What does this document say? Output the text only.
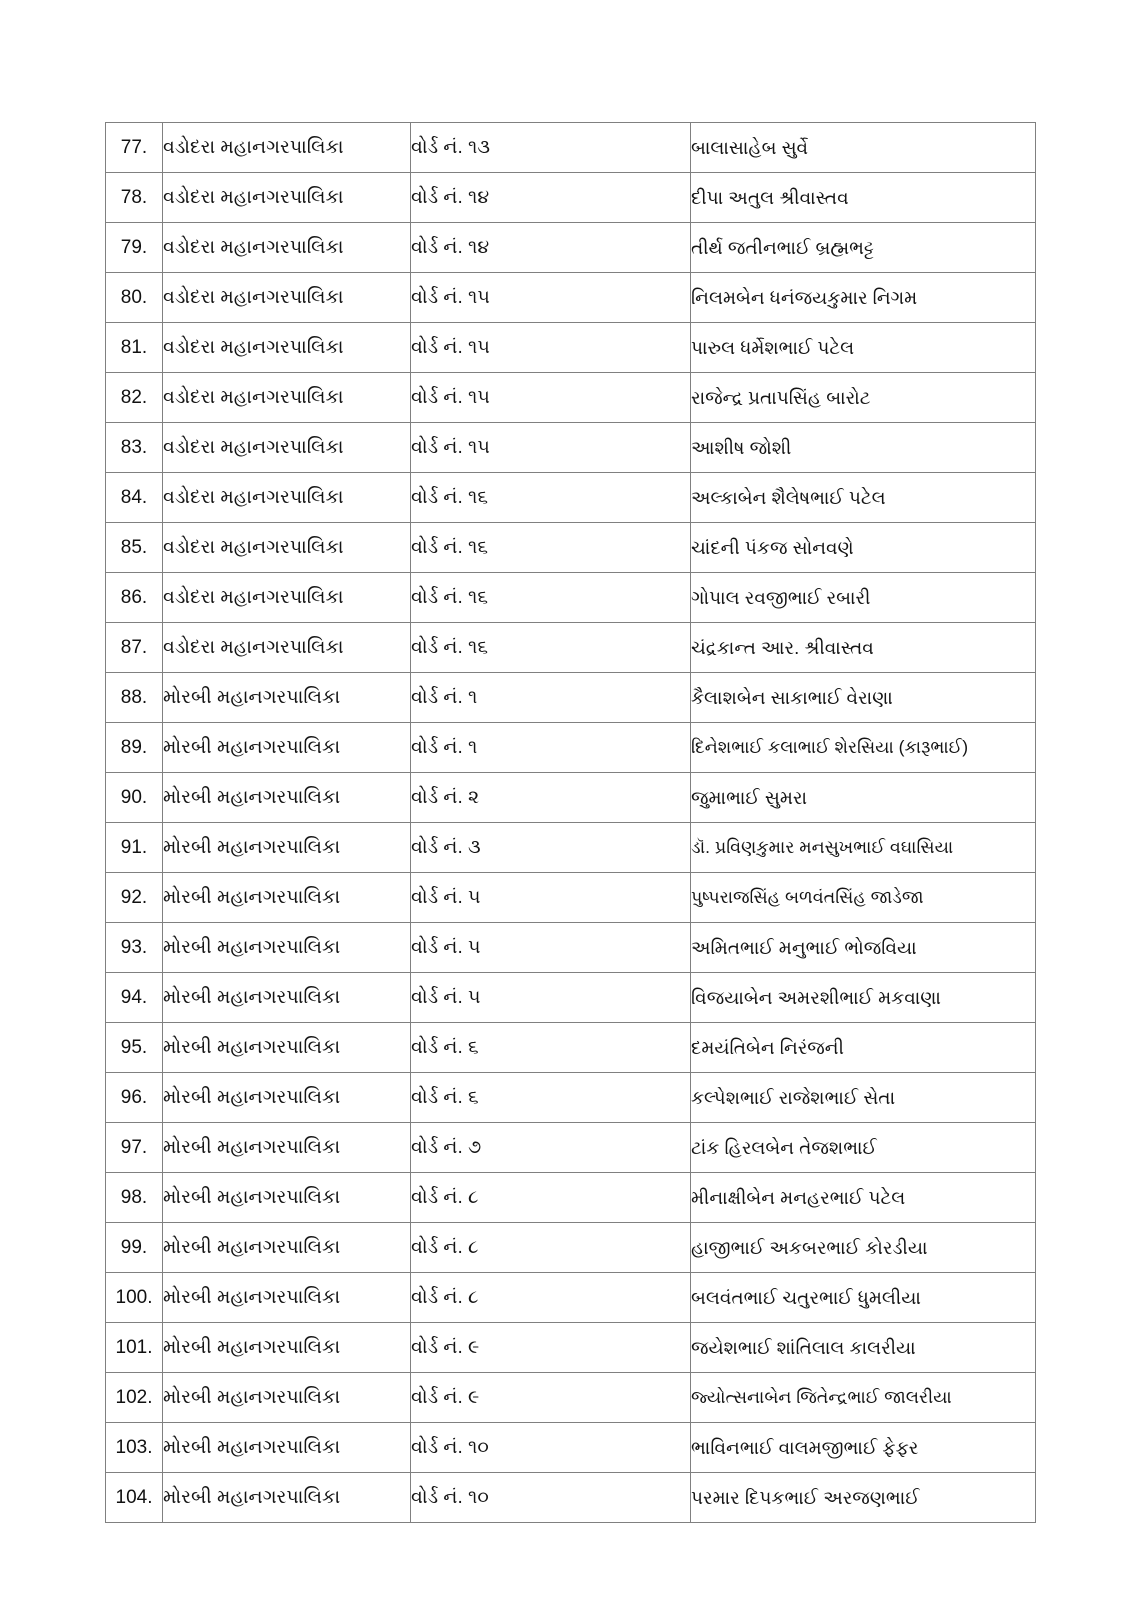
77.	વડોદરા મહાનગરપાલિકા	વોર્ડ નં. ૧૩	બાલાસાહેબ સુર્વે
78.	વડોદરા મહાનગરપાલિકા	વોર્ડ નં. ૧૪	દીપા અતુલ શ્રીવાસ્તવ
79.	વડોદરા મહાનગરપાલિકા	વોર્ડ નં. ૧૪	તીર્થ જતીનભાઈ બ્રહ્મભટ્ટ
80.	વડોદરા મહાનગરપાલિકા	વોર્ડ નં. ૧૫	નિલમબેન ધનંજયકુમાર નિગમ
81.	વડોદરા મહાનગરપાલિકા	વોર્ડ નં. ૧૫	પારુલ ધર્મેશભાઈ પટેલ
82.	વડોદરા મહાનગરપાલિકા	વોર્ડ નં. ૧૫	રાજેન્દ્ર પ્રતાપસિંહ બારોટ
83.	વડોદરા મહાનગરપાલિકા	વોર્ડ નં. ૧૫	આશીષ જોશી
84.	વડોદરા મહાનગરપાલિકા	વોર્ડ નં. ૧૬	અલ્કાબેન શૈલેષભાઈ પટેલ
85.	વડોદરા મહાનગરપાલિકા	વોર્ડ નં. ૧૬	ચાંદની પંકજ સોનવણે
86.	વડોદરા મહાનગરપાલિકા	વોર્ડ નં. ૧૬	ગોપાલ રવજીભાઈ રબારી
87.	વડોદરા મહાનગરપાલિકા	વોર્ડ નં. ૧૬	ચંદ્રકાન્ત આર. શ્રીવાસ્તવ
88.	મોરબી મહાનગરપાલિકા	વોર્ડ નં. ૧	કૈલાશબેન સાકાભાઈ વેરાણા
89.	મોરબી મહાનગરપાલિકા	વોર્ડ નં. ૧	દિનેશભાઈ કલાભાઈ શેરસિયા (કારૂભાઈ)
90.	મોરબી મહાનગરપાલિકા	વોર્ડ નં. ૨	જુમાભાઈ સુમરા
91.	મોરબી મહાનગરપાલિકા	વોર્ડ નં. ૩	ડૉ. પ્રવિણકુમાર મનસુખભાઈ વઘાસિયા
92.	મોરબી મહાનગરપાલિકા	વોર્ડ નં. ૫	પુષ્પરાજસિંહ બળવંતસિંહ જાડેજા
93.	મોરબી મહાનગરપાલિકા	વોર્ડ નં. ૫	અમિતભાઈ મનુભાઈ ભોજવિયા
94.	મોરબી મહાનગરપાલિકા	વોર્ડ નં. ૫	વિજયાબેન અમરશીભાઈ મકવાણા
95.	મોરબી મહાનગરપાલિકા	વોર્ડ નં. ૬	દમયંતિબેન નિરંજની
96.	મોરબી મહાનગરપાલિકા	વોર્ડ નં. ૬	કલ્પેશભાઈ રાજેશભાઈ સેતા
97.	મોરબી મહાનગરપાલિકા	વોર્ડ નં. ૭	ટાંક હિરલબેન તેજશભાઈ
98.	મોરબી મહાનગરપાલિકા	વોર્ડ નં. ૮	મીનાક્ષીબેન મનહરભાઈ પટેલ
99.	મોરબી મહાનગરપાલિકા	વોર્ડ નં. ૮	હાજીભાઈ અકબરભાઈ કોરડીયા
100.	મોરબી મહાનગરપાલિકા	વોર્ડ નં. ૮	બલવંતભાઈ ચતુરભાઈ ધુમલીયા
101.	મોરબી મહાનગરપાલિકા	વોર્ડ નં. ૯	જયેશભાઈ શાંતિલાલ કાલરીયા
102.	મોરબી મહાનગરપાલિકા	વોર્ડ નં. ૯	જ્યોત્સનાબેન જિતેન્દ્રભાઈ જાલરીયા
103.	મોરબી મહાનગરપાલિકા	વોર્ડ નં. ૧૦	ભાવિનભાઈ વાલમજીભાઈ ફેફર
104.	મોરબી મહાનગરપાલિકા	વોર્ડ નં. ૧૦	પરમાર દિપકભાઈ અરજણભાઈ
